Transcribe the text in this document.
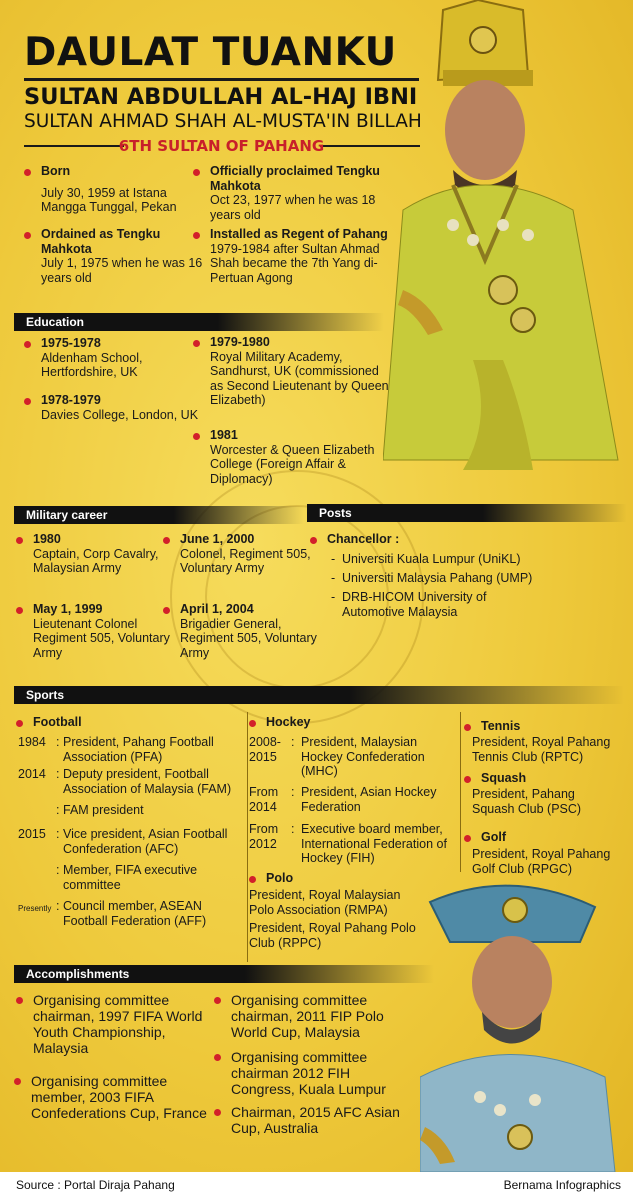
DAULAT TUANKU
SULTAN ABDULLAH AL-HAJ IBNI
SULTAN AHMAD SHAH AL-MUSTA'IN BILLAH
6TH SULTAN OF PAHANG
Born
July 30, 1959 at Istana Mangga Tunggal, Pekan
Ordained as Tengku Mahkota
July 1, 1975 when he was 16 years old
Officially proclaimed Tengku Mahkota
Oct 23, 1977 when he was 18 years old
Installed as Regent of Pahang
1979-1984 after Sultan Ahmad Shah became the 7th Yang di-Pertuan Agong
Education
1975-1978
Aldenham School, Hertfordshire, UK
1978-1979
Davies College, London, UK
1979-1980
Royal Military Academy, Sandhurst, UK (commissioned as Second Lieutenant by Queen Elizabeth)
1981
Worcester & Queen Elizabeth College (Foreign Affair & Diplomacy)
Military career
1980
Captain, Corp Cavalry, Malaysian Army
May 1, 1999
Lieutenant Colonel Regiment 505, Voluntary Army
June 1, 2000
Colonel, Regiment 505, Voluntary Army
April 1, 2004
Brigadier General, Regiment 505, Voluntary Army
Posts
Chancellor :
- Universiti Kuala Lumpur (UniKL)
- Universiti Malaysia Pahang (UMP)
- DRB-HICOM University of Automotive Malaysia
Sports
Football
1984 : President, Pahang Football Association (PFA)
2014 : Deputy president, Football Association of Malaysia (FAM)
: FAM president
2015 : Vice president, Asian Football Confederation (AFC)
: Member, FIFA executive committee
Presently : Council member, ASEAN Football Federation (AFF)
Hockey
2008-2015
: President, Malaysian Hockey Confederation (MHC)
From 2014
: President, Asian Hockey Federation
From 2012
: Executive board member, International Federation of Hockey (FIH)
Polo
President, Royal Malaysian Polo Association (RMPA)
President, Royal Pahang Polo Club (RPPC)
Tennis
President, Royal Pahang Tennis Club (RPTC)
Squash
President, Pahang Squash Club (PSC)
Golf
President, Royal Pahang Golf Club (RPGC)
Accomplishments
Organising committee chairman, 1997 FIFA World Youth Championship, Malaysia
Organising committee member, 2003 FIFA Confederations Cup, France
Organising committee chairman, 2011 FIP Polo World Cup, Malaysia
Organising committee chairman 2012 FIH Congress, Kuala Lumpur
Chairman, 2015 AFC Asian Cup, Australia
Source : Portal Diraja Pahang	Bernama Infographics
